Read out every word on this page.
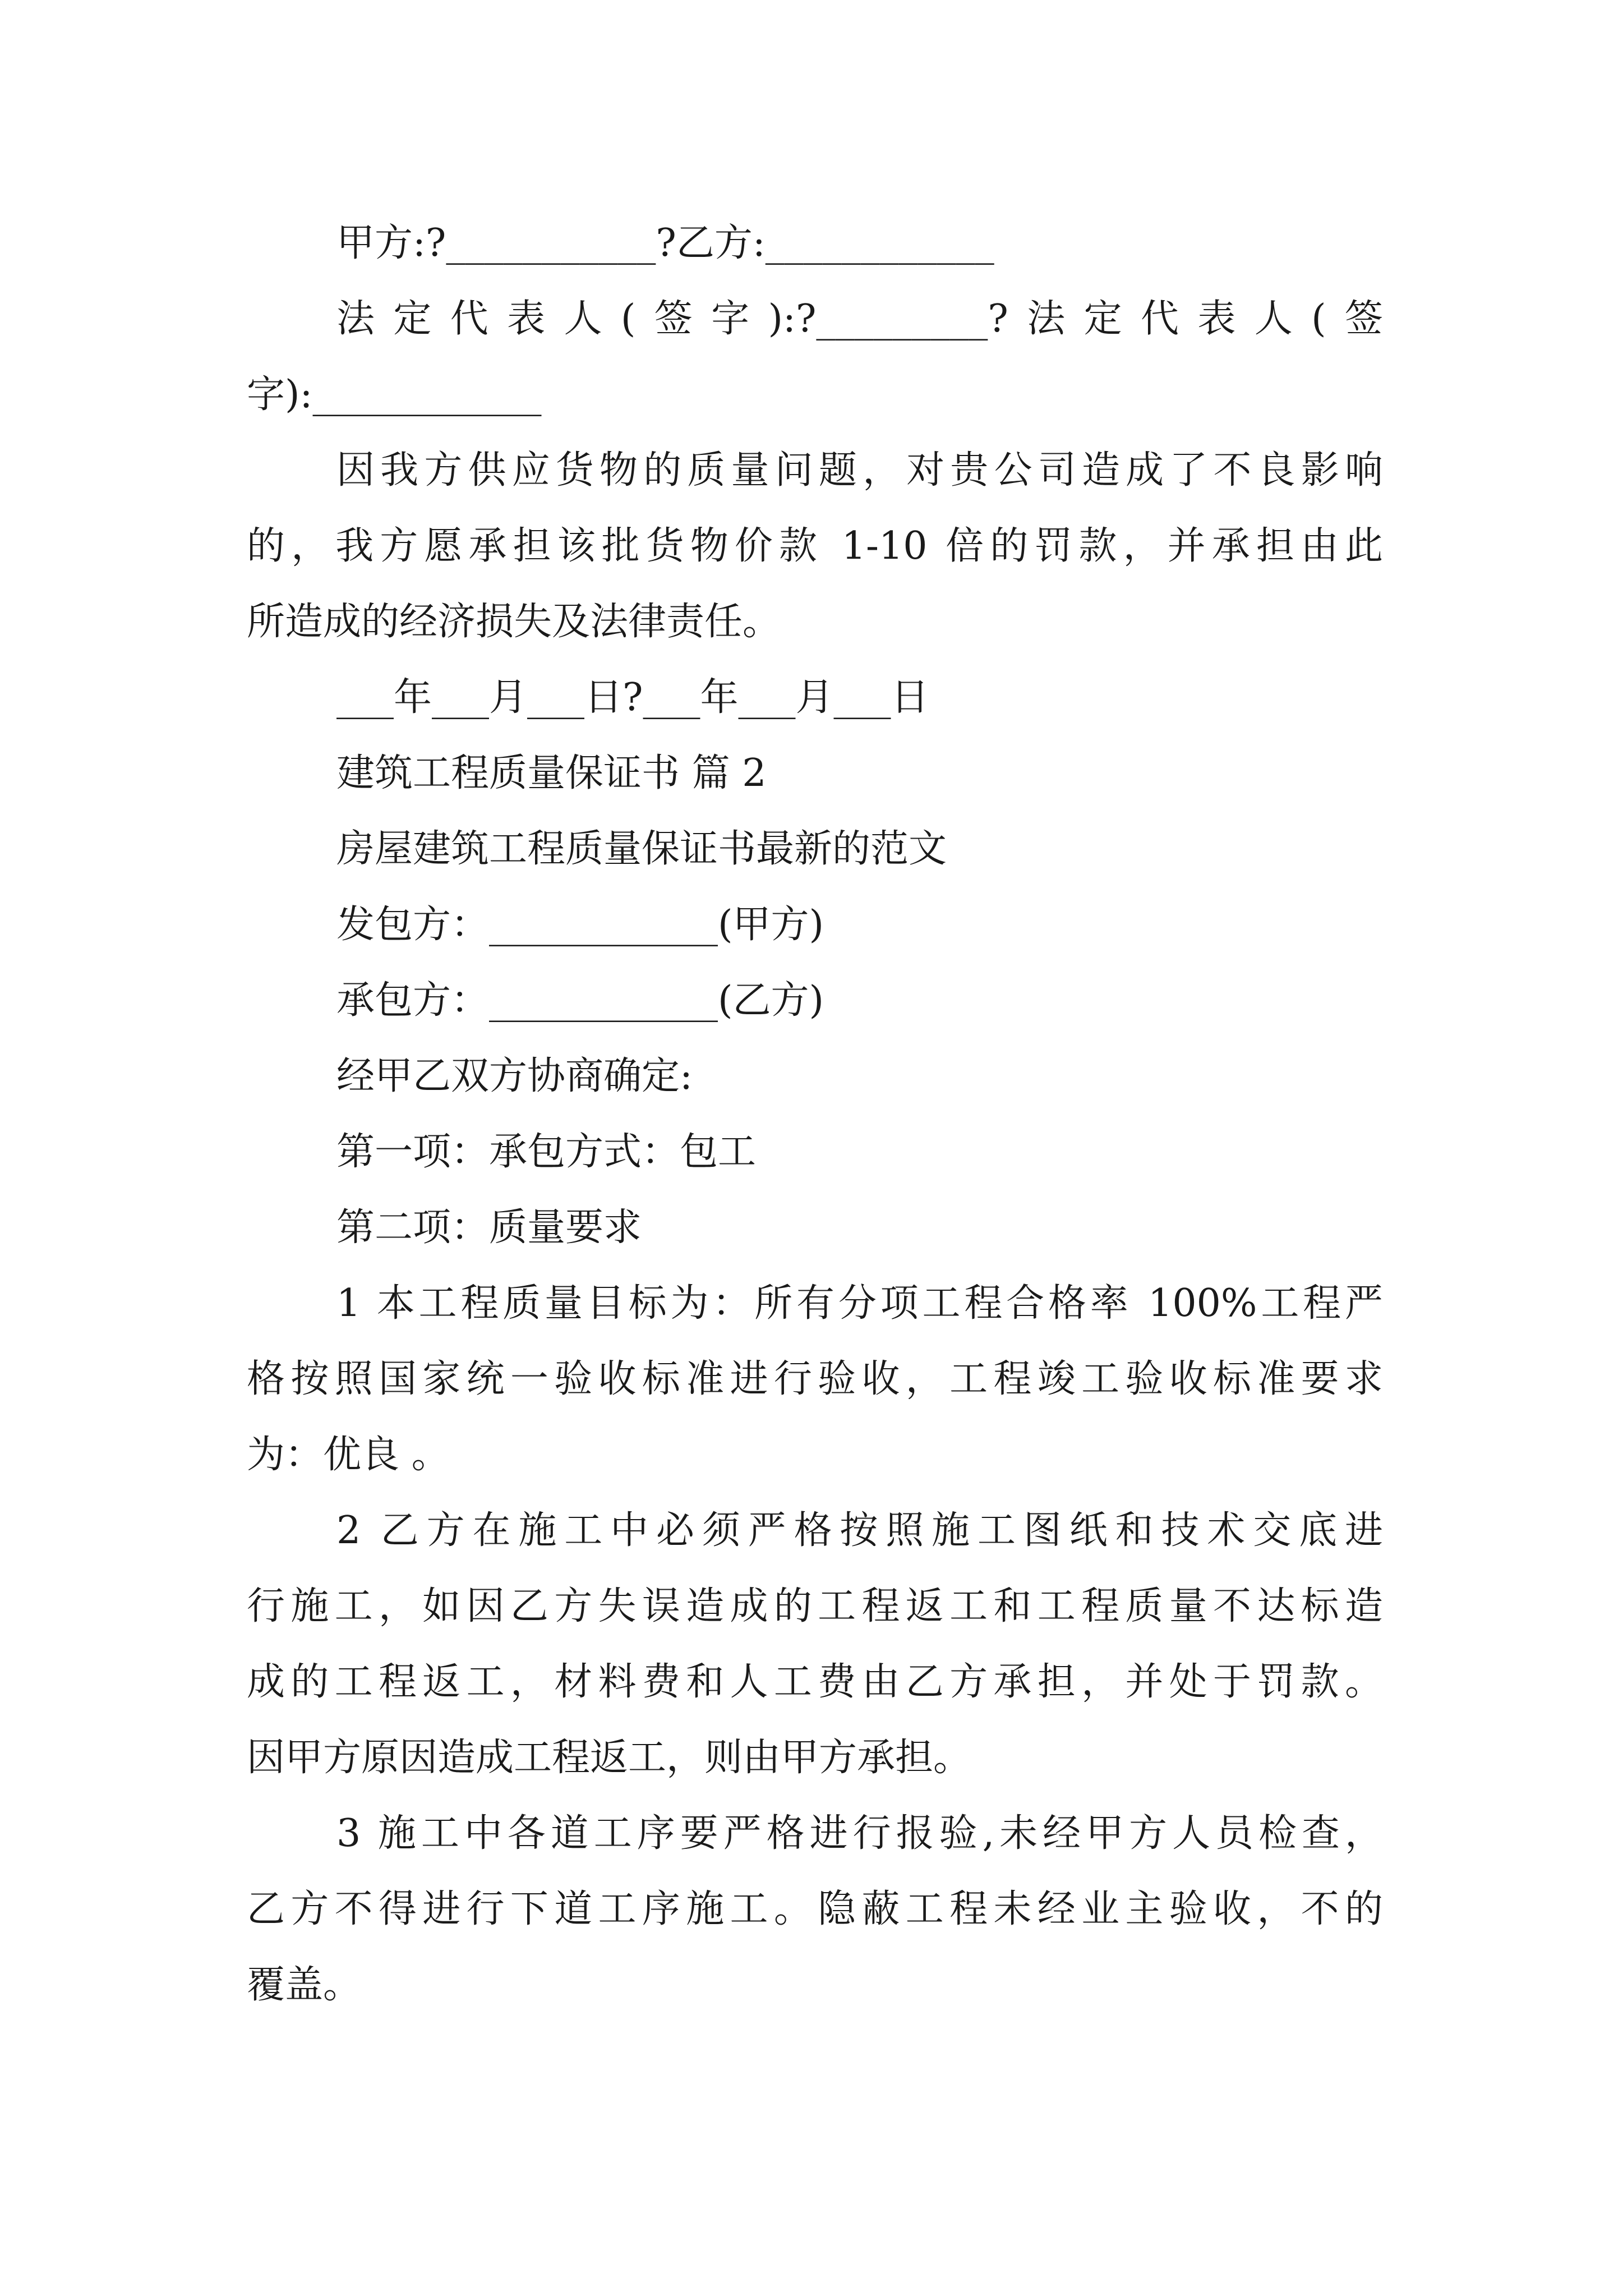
甲方:?___________?乙方:____________
法定代表人(签字):?_________?法定代表人(签
字):____________
因我方供应货物的质量问题，对贵公司造成了不良影响
的，我方愿承担该批货物价款 1-10 倍的罚款，并承担由此
所造成的经济损失及法律责任。
___年___月___日?___年___月___日
建筑工程质量保证书 篇 2
房屋建筑工程质量保证书最新的范文
发包方：____________(甲方)
承包方：____________(乙方)
经甲乙双方协商确定:
第一项：承包方式：包工
第二项：质量要求
1 本工程质量目标为：所有分项工程合格率 100%工程严
格按照国家统一验收标准进行验收，工程竣工验收标准要求
为：优良 。
2 乙方在施工中必须严格按照施工图纸和技术交底进
行施工，如因乙方失误造成的工程返工和工程质量不达标造
成的工程返工，材料费和人工费由乙方承担，并处于罚款。
因甲方原因造成工程返工，则由甲方承担。
3 施工中各道工序要严格进行报验,未经甲方人员检查，
乙方不得进行下道工序施工。隐蔽工程未经业主验收，不的
覆盖。
